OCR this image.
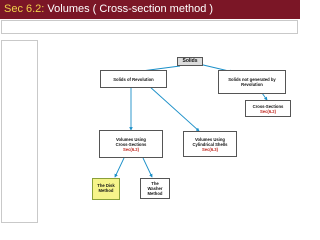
Sec 6.2: Volumes ( Cross-section method )
Solids
Solids of Revolution	Solids not generated by Revolution
Cross-Sections
Sec(6.2)
Volumes Using Cross-Sections
Sec(6.2)
Volumes Using Cylindrical Shells
Sec(6.3)
The Disk Method
The Washer Method
